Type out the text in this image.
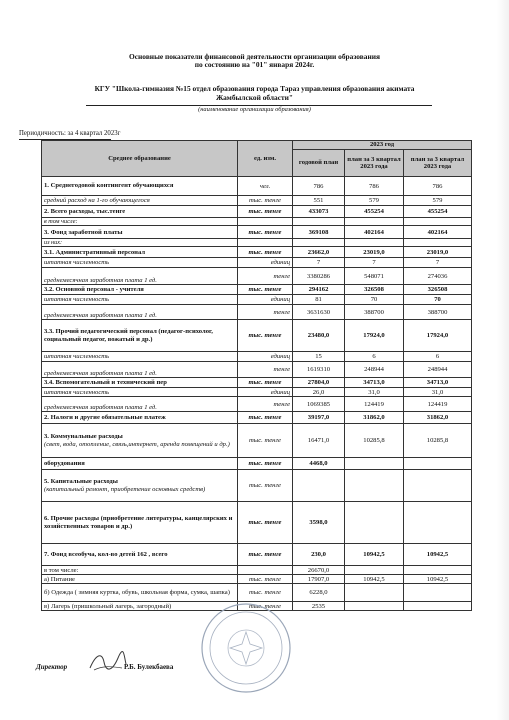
Основные показатели финансовой деятельности организации образования
по состоянию на "01" января 2024г.
КГУ "Школа-гимназия №15 отдел образования города Тараз управления образования акимата
Жамбылской области"
(наименование организации образования)
Периодичность: за 4 квартал 2023г
Среднее образование	ед. изм.	2023 год		
		годовой план	план за 3 квартал 2023 года	план за 3 квартал 2023 года
1. Среднегодовой контингент обучающихся	чел.	786	786	786
средний расход на 1-го обучающегося	тыс. тенге	551	579	579
2. Всего расходы, тыс.тенге	тыс. тенге	433073	455254	455254
в том числе:				
3. Фонд заработной платы	тыс. тенге	369108	402164	402164
из них:				
3.1. Административный персонал	тыс. тенге	23662,0	23019,0	23019,0
штатная численность	единиц	7	7	7
среднемесячная заработная плата 1 ед.	тенге	3380286	548071	274036
3.2. Основной персонал - учителя	тыс. тенге	294162	326508	326508
штатная численность	единиц	81	70	70
среднемесячная заработная плата 1 ед.	тенге	3631630	388700	388700
3.3. Прочий педагогический персонал (педагог-психолог, социальный педагог, вожатый и др.)	тыс. тенге	23480,0	17924,0	17924,0
штатная численность	единиц	15	6	6
среднемесячная заработная плата 1 ед.	тенге	1619310	248944	248944
3.4. Вспомогательный и технический пер	тыс. тенге	27804,0	34713,0	34713,0
штатная численность	единиц	26,0	31,0	31,0
среднемесячная заработная плата 1 ед.	тенге	1069385	124419	124419
2. Налоги и другие обязательные платеж	тыс. тенге	39197,0	31862,0	31862,0
3. Коммунальные расходы
(свет, вода, отопление, связь,интернет, аренда помещений и др.)	тыс. тенге	16471,0	10285,8	10285,8
оборудования	тыс. тенге	4468,0		
5. Капитальные расходы
(капитальный ремонт, приобретение основных средств)	тыс. тенге			
6. Прочие расходы (приобретение литературы, канцелярских и хозяйственных товаров и др.)	тыс. тенге	3598,0		
7. Фонд всеобуча, кол-во детей 162 , всего	тыс. тенге	230,0	10942,5	10942,5
в том числе:		26670,0		
а) Питание	тыс. тенге	17907,0	10942,5	10942,5
б) Одежда ( зимняя куртка, обувь, школьная форма, сумка, шапка)	тыс. тенге	6228,0		
в) Лагерь (пришкольный лагерь, загородный)	тыс. тенге	2535		
Директор	Р.Б. Булекбаева
